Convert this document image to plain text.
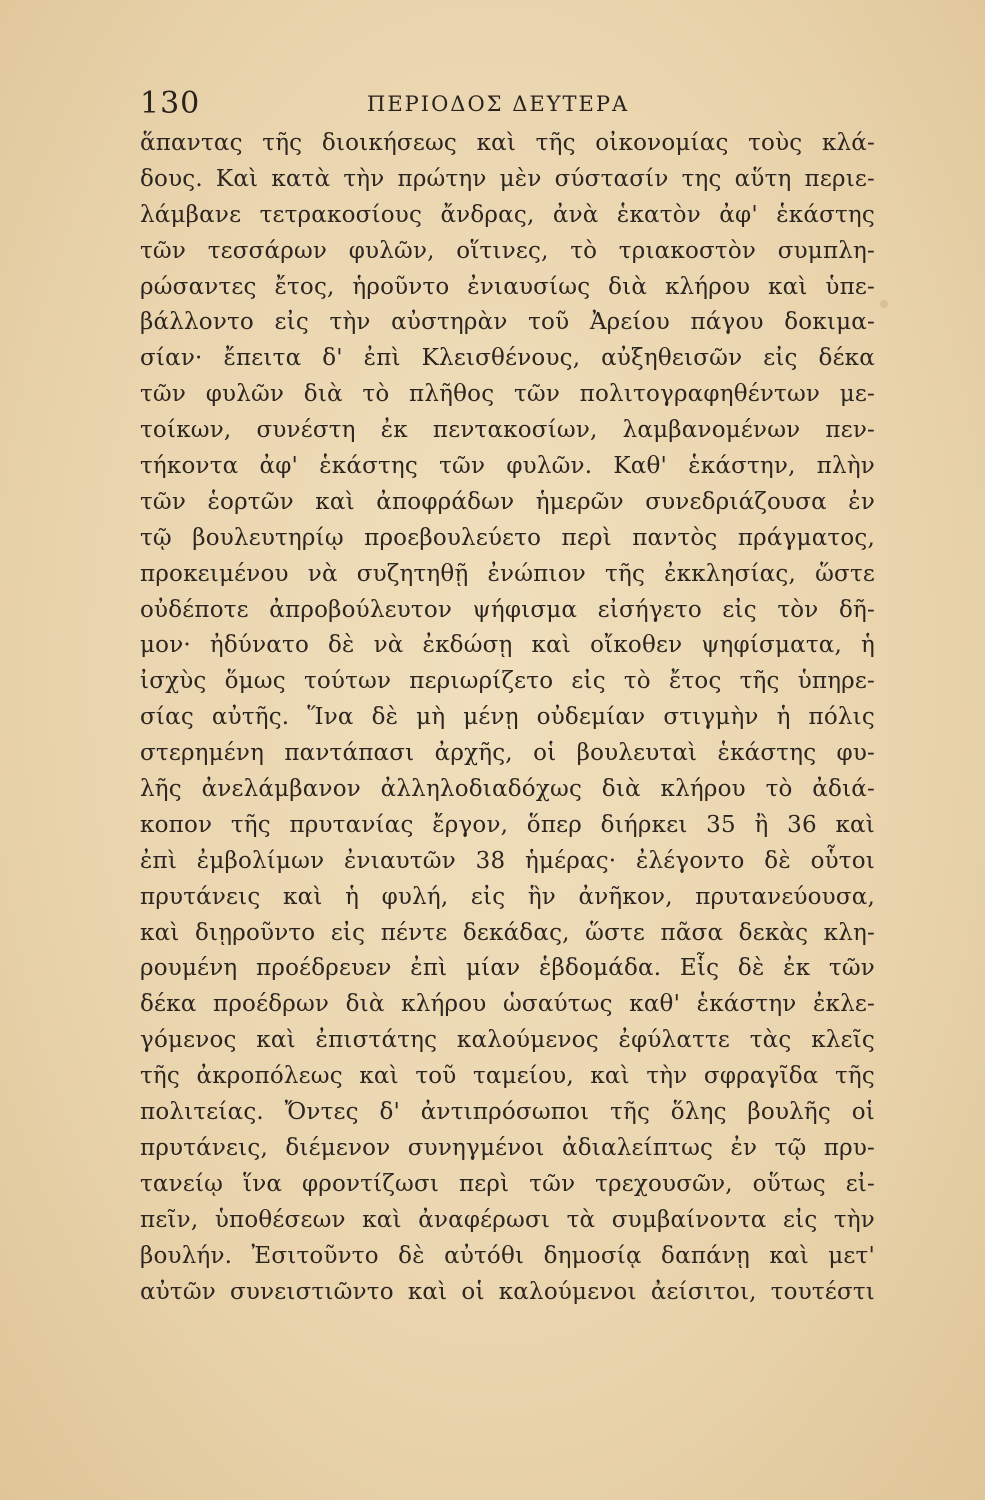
130	ΠΕΡΙΟΔΟΣ ΔΕΥΤΕΡΑ
ἅπαντας τῆς διοικήσεως καὶ τῆς οἰκονομίας τοὺς κλά-
δους. Καὶ κατὰ τὴν πρώτην μὲν σύστασίν της αὕτη περιε-
λάμβανε τετρακοσίους ἄνδρας, ἀνὰ ἑκατὸν ἀφ' ἑκάστης
τῶν τεσσάρων φυλῶν, οἵτινες, τὸ τριακοστὸν συμπλη-
ρώσαντες ἔτος, ἡροῦντο ἐνιαυσίως διὰ κλήρου καὶ ὑπε-
βάλλοντο εἰς τὴν αὐστηρὰν τοῦ Ἀρείου πάγου δοκιμα-
σίαν· ἔπειτα δ' ἐπὶ Κλεισθένους, αὐξηθεισῶν εἰς δέκα
τῶν φυλῶν διὰ τὸ πλῆθος τῶν πολιτογραφηθέντων με-
τοίκων, συνέστη ἐκ πεντακοσίων, λαμβανομένων πεν-
τήκοντα ἀφ' ἑκάστης τῶν φυλῶν. Καθ' ἑκάστην, πλὴν
τῶν ἑορτῶν καὶ ἀποφράδων ἡμερῶν συνεδριάζουσα ἐν
τῷ βουλευτηρίῳ προεβουλεύετο περὶ παντὸς πράγματος,
προκειμένου νὰ συζητηθῇ ἐνώπιον τῆς ἐκκλησίας, ὥστε
οὐδέποτε ἀπροβούλευτον ψήφισμα εἰσήγετο εἰς τὸν δῆ-
μον· ἠδύνατο δὲ νὰ ἐκδώσῃ καὶ οἴκοθεν ψηφίσματα, ἡ
ἰσχὺς ὅμως τούτων περιωρίζετο εἰς τὸ ἔτος τῆς ὑπηρε-
σίας αὐτῆς. Ἵνα δὲ μὴ μένῃ οὐδεμίαν στιγμὴν ἡ πόλις
στερημένη παντάπασι ἀρχῆς, οἱ βουλευταὶ ἑκάστης φυ-
λῆς ἀνελάμβανον ἀλληλοδιαδόχως διὰ κλήρου τὸ ἀδιά-
κοπον τῆς πρυτανίας ἔργον, ὅπερ διήρκει 35 ἢ 36 καὶ
ἐπὶ ἐμβολίμων ἐνιαυτῶν 38 ἡμέρας· ἐλέγοντο δὲ οὗτοι
πρυτάνεις καὶ ἡ φυλή, εἰς ἣν ἀνῆκον, πρυτανεύουσα,
καὶ διῃροῦντο εἰς πέντε δεκάδας, ὥστε πᾶσα δεκὰς κλη-
ρουμένη προέδρευεν ἐπὶ μίαν ἑβδομάδα. Εἷς δὲ ἐκ τῶν
δέκα προέδρων διὰ κλήρου ὡσαύτως καθ' ἑκάστην ἐκλε-
γόμενος καὶ ἐπιστάτης καλούμενος ἐφύλαττε τὰς κλεῖς
τῆς ἀκροπόλεως καὶ τοῦ ταμείου, καὶ τὴν σφραγῖδα τῆς
πολιτείας. Ὄντες δ' ἀντιπρόσωποι τῆς ὅλης βουλῆς οἱ
πρυτάνεις, διέμενον συνηγμένοι ἀδιαλείπτως ἐν τῷ πρυ-
τανείῳ ἵνα φροντίζωσι περὶ τῶν τρεχουσῶν, οὕτως εἰ-
πεῖν, ὑποθέσεων καὶ ἀναφέρωσι τὰ συμβαίνοντα εἰς τὴν
βουλήν. Ἐσιτοῦντο δὲ αὐτόθι δημοσίᾳ δαπάνῃ καὶ μετ'
αὐτῶν συνειστιῶντο καὶ οἱ καλούμενοι ἀείσιτοι, τουτέστι
